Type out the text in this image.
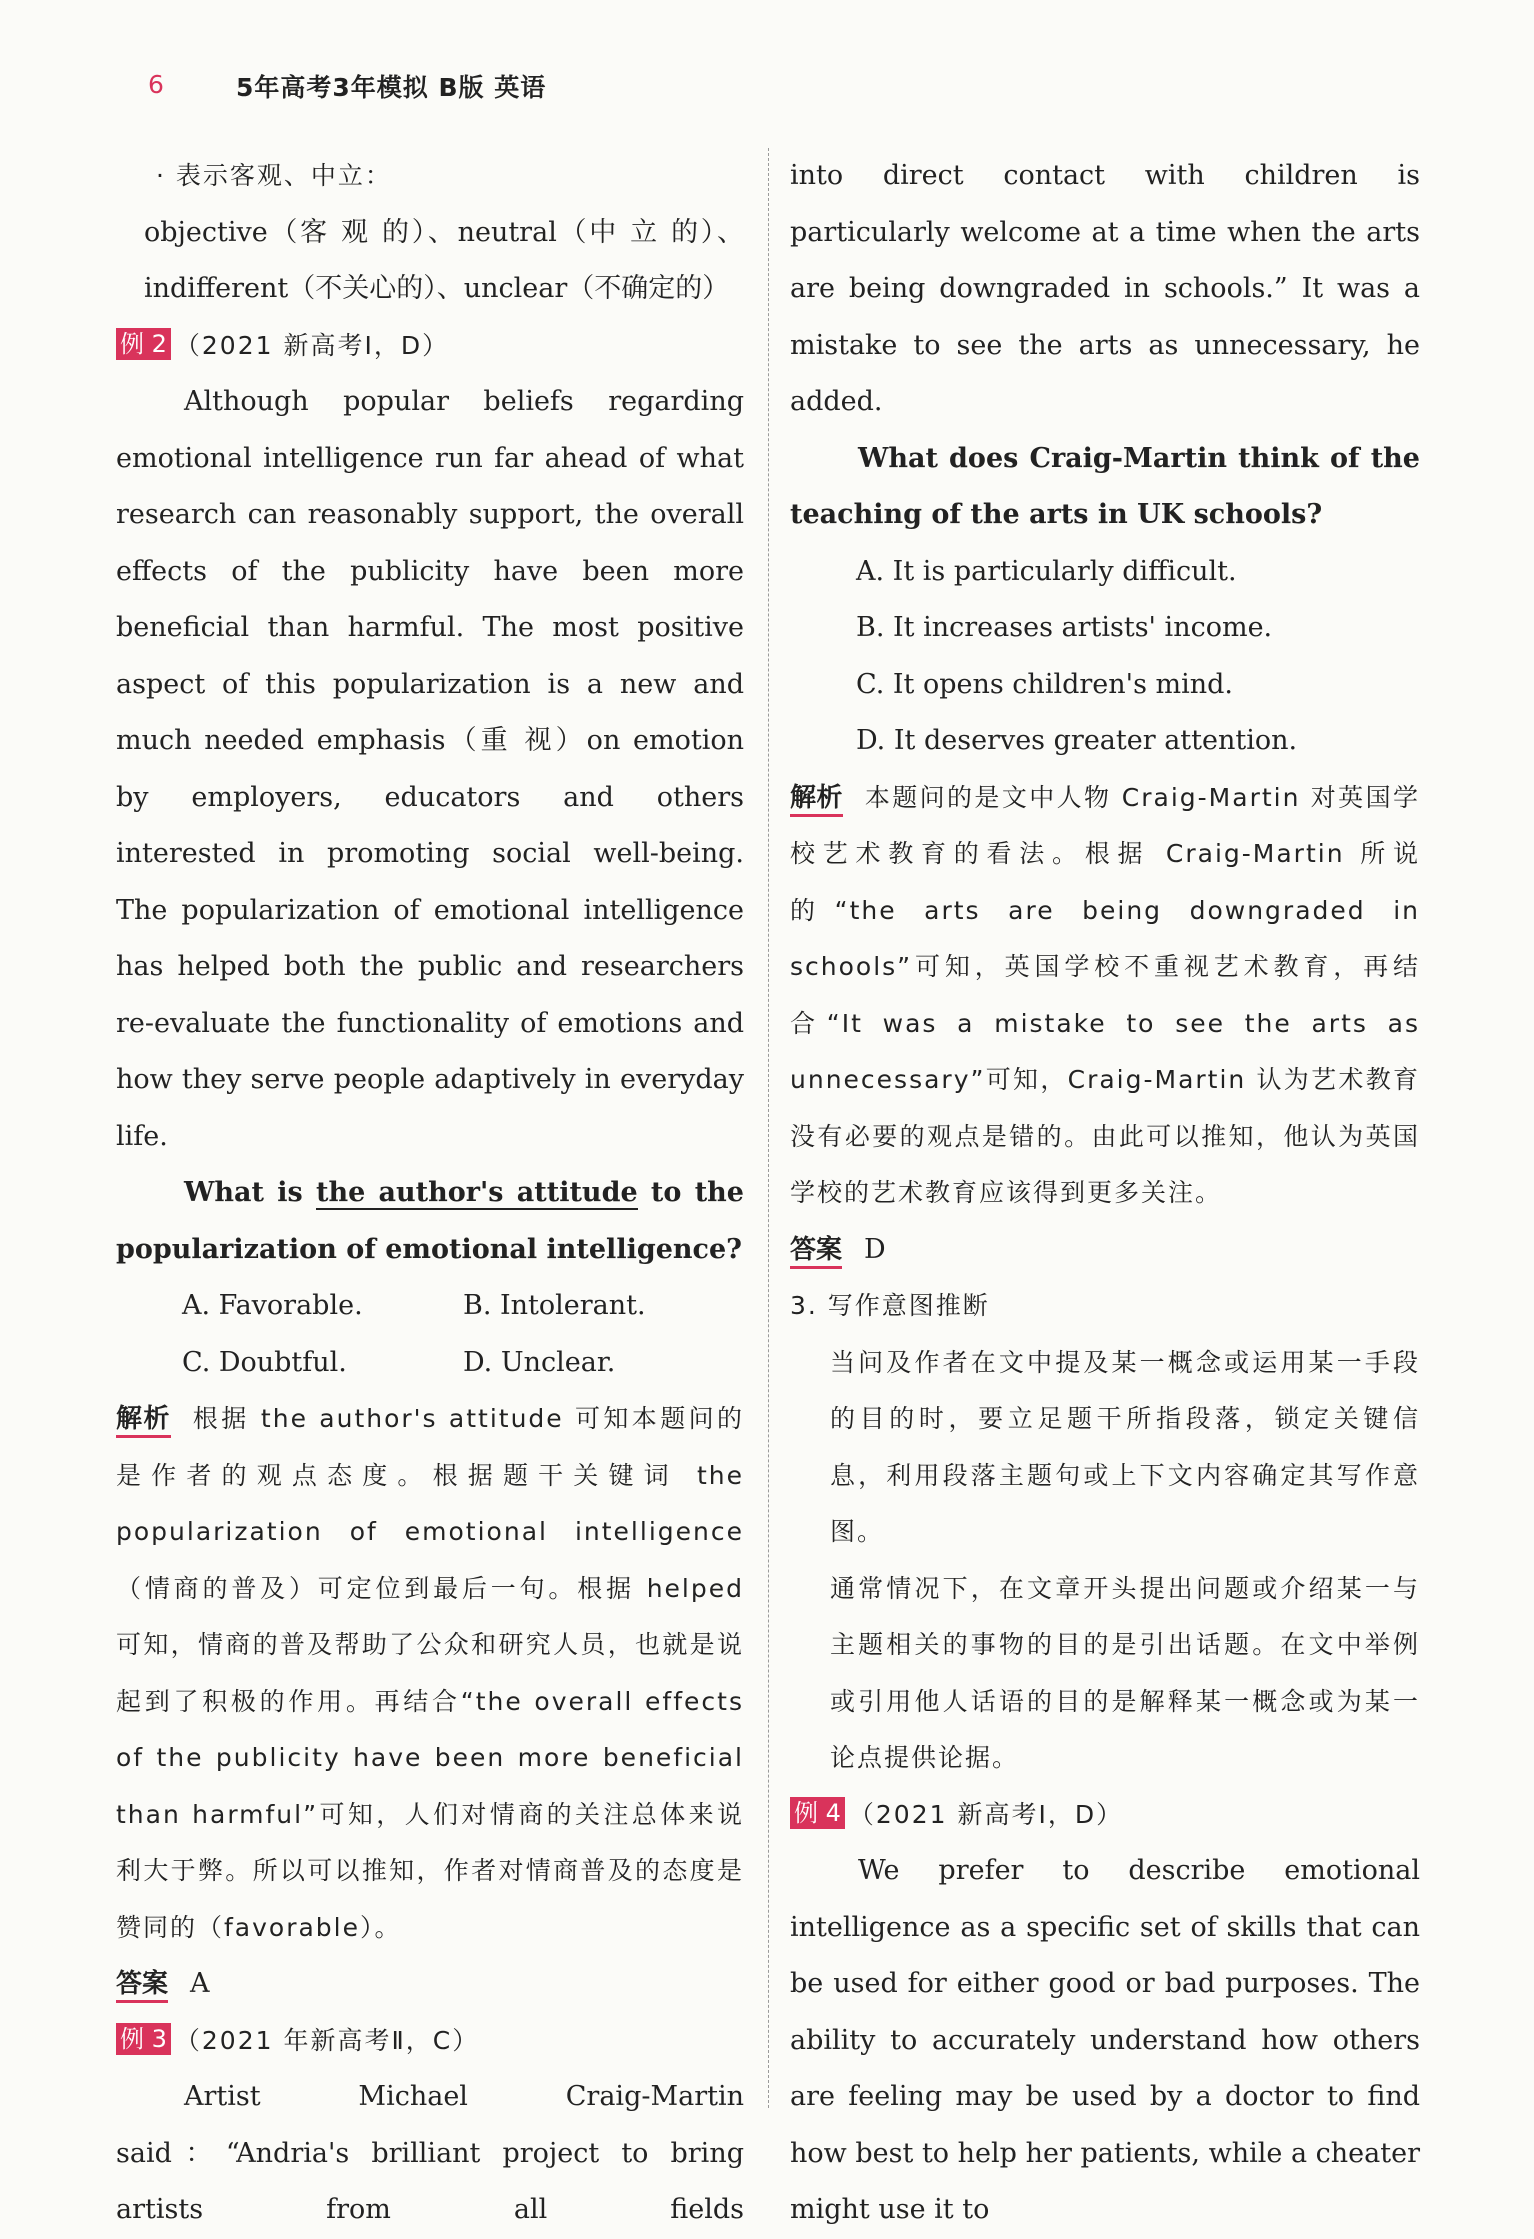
6	5年高考3年模拟 B版 英语

· 表示客观、中立：

objective（客 观 的）、neutral（中 立 的）、

indifferent（不关心的）、unclear（不确定的）

例 2 （2021 新高考Ⅰ，D）

Although popular beliefs regarding emotional intelligence run far ahead of what research can reasonably support, the overall effects of the publicity have been more beneficial than harmful. The most positive aspect of this popularization is a new and much needed emphasis（重 视）on emotion by employers, educators and others interested in promoting social well-being. The popularization of emotional intelligence has helped both the public and researchers re-evaluate the functionality of emotions and how they serve people adaptively in everyday life.

What is the author's attitude to the popularization of emotional intelligence?

A. Favorable.	B. Intolerant.
C. Doubtful.	D. Unclear.

解析 根据 the author's attitude 可知本题问的是作者的观点态度。根据题干关键词 the popularization of emotional intelligence（情商的普及）可定位到最后一句。根据 helped 可知，情商的普及帮助了公众和研究人员，也就是说起到了积极的作用。再结合“the overall effects of the publicity have been more beneficial than harmful”可知，人们对情商的关注总体来说利大于弊。所以可以推知，作者对情商普及的态度是赞同的（favorable）。

答案 A

例 3 （2021 年新高考Ⅱ，C）

Artist Michael Craig-Martin said：“Andria's brilliant project to bring artists from all fields

into direct contact with children is particularly welcome at a time when the arts are being downgraded in schools.” It was a mistake to see the arts as unnecessary, he added.

What does Craig-Martin think of the teaching of the arts in UK schools?

A. It is particularly difficult.

B. It increases artists' income.

C. It opens children's mind.

D. It deserves greater attention.

解析 本题问的是文中人物 Craig-Martin 对英国学校艺术教育的看法。根据 Craig-Martin 所说的“the arts are being downgraded in schools”可知，英国学校不重视艺术教育，再结合“It was a mistake to see the arts as unnecessary”可知，Craig-Martin 认为艺术教育没有必要的观点是错的。由此可以推知，他认为英国学校的艺术教育应该得到更多关注。

答案 D

3. 写作意图推断

当问及作者在文中提及某一概念或运用某一手段的目的时，要立足题干所指段落，锁定关键信息，利用段落主题句或上下文内容确定其写作意图。

通常情况下，在文章开头提出问题或介绍某一与主题相关的事物的目的是引出话题。在文中举例或引用他人话语的目的是解释某一概念或为某一论点提供论据。

例 4 （2021 新高考Ⅰ，D）

We prefer to describe emotional intelligence as a specific set of skills that can be used for either good or bad purposes. The ability to accurately understand how others are feeling may be used by a doctor to find how best to help her patients, while a cheater might use it to
